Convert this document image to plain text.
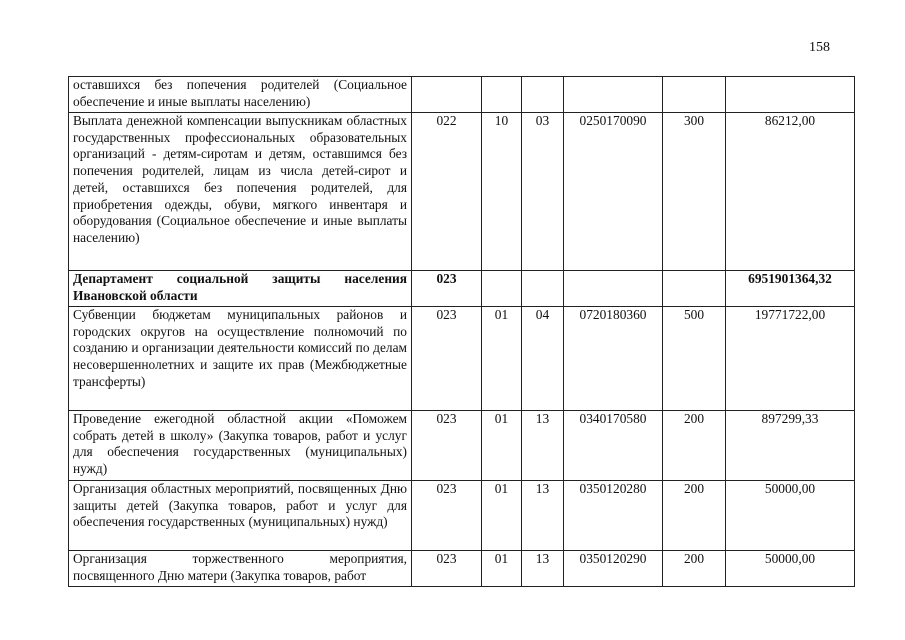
158
оставшихся без попечения родителей (Социальное обеспечение и иные выплаты населению)						
Выплата денежной компенсации выпускникам областных государственных профессиональных образовательных организаций - детям-сиротам и детям, оставшимся без попечения родителей, лицам из числа детей-сирот и детей, оставшихся без попечения родителей, для приобретения одежды, обуви, мягкого инвентаря и оборудования (Социальное обеспечение и иные выплаты населению)	022	10	03	0250170090	300	86212,00
Департамент социальной защиты населения Ивановской области	023					6951901364,32
Субвенции бюджетам муниципальных районов и городских округов на осуществление полномочий по созданию и организации деятельности комиссий по делам несовершеннолетних и защите их прав (Межбюджетные трансферты)	023	01	04	0720180360	500	19771722,00
Проведение ежегодной областной акции «Поможем собрать детей в школу» (Закупка товаров, работ и услуг для обеспечения государственных (муниципальных) нужд)	023	01	13	0340170580	200	897299,33
Организация областных мероприятий, посвященных Дню защиты детей (Закупка товаров, работ и услуг для обеспечения государственных (муниципальных) нужд)	023	01	13	0350120280	200	50000,00
Организация торжественного мероприятия, посвященного Дню матери (Закупка товаров, работ	023	01	13	0350120290	200	50000,00
